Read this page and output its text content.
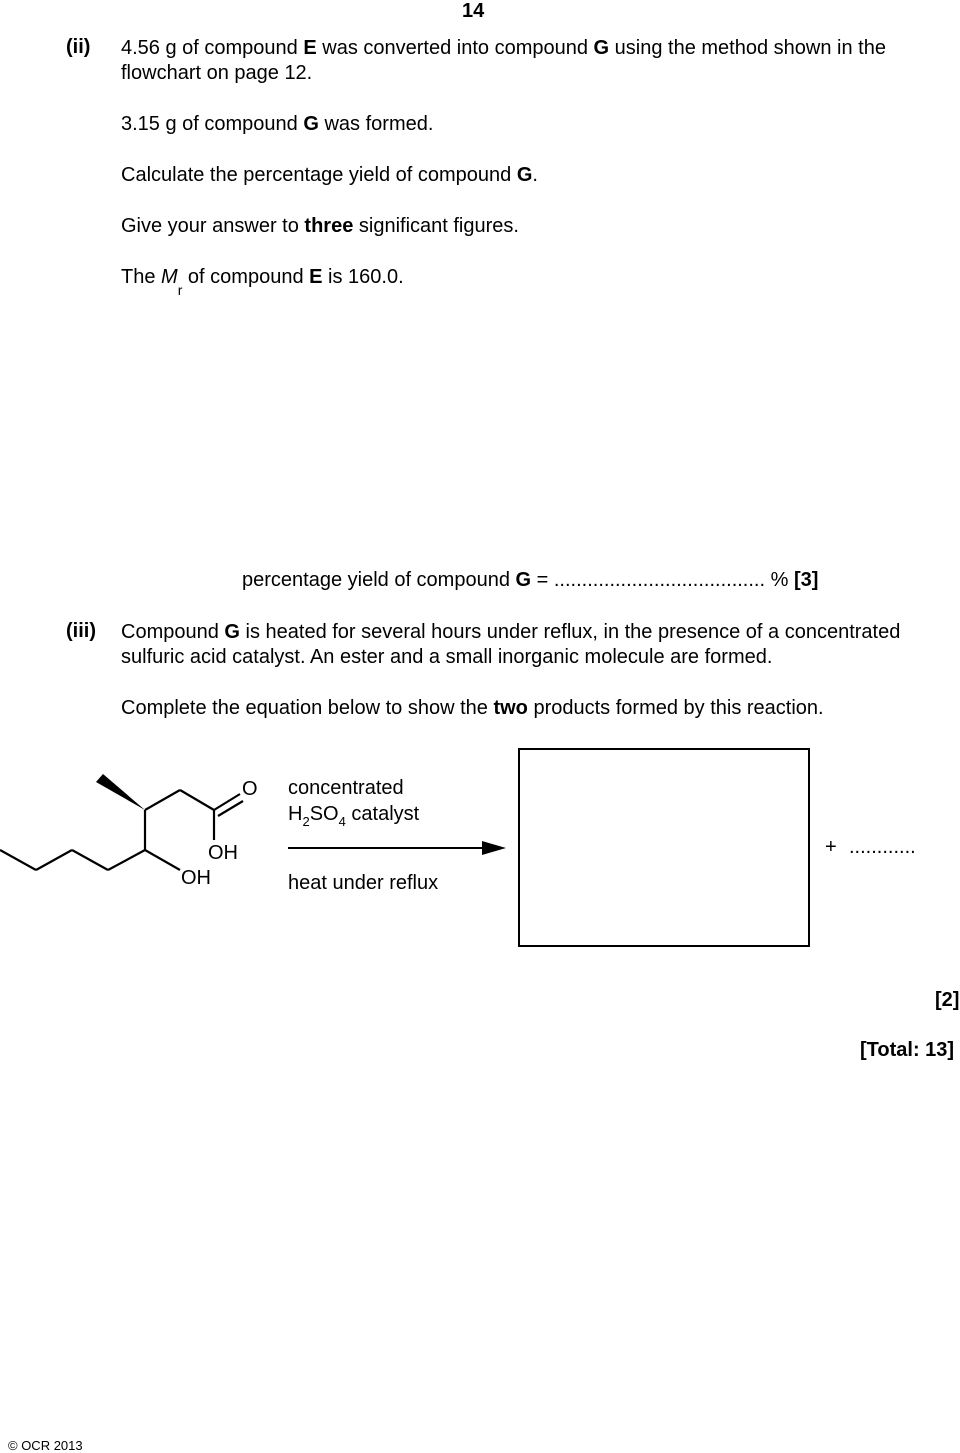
14
(ii) 4.56 g of compound E was converted into compound G using the method shown in the
flowchart on page 12.
3.15 g of compound G was formed.
Calculate the percentage yield of compound G.
Give your answer to three significant figures.
The $M_r$ of compound E is 160.0.
percentage yield of compound G = ...................................... % [3]
(iii) Compound G is heated for several hours under reflux, in the presence of a concentrated
sulfuric acid catalyst. An ester and a small inorganic molecule are formed.
Complete the equation below to show the two products formed by this reaction.
O
OH
OH
concentrated
$H_2SO_4$ catalyst
heat under reflux
+ ............
[2]
[Total: 13]
© OCR 2013
